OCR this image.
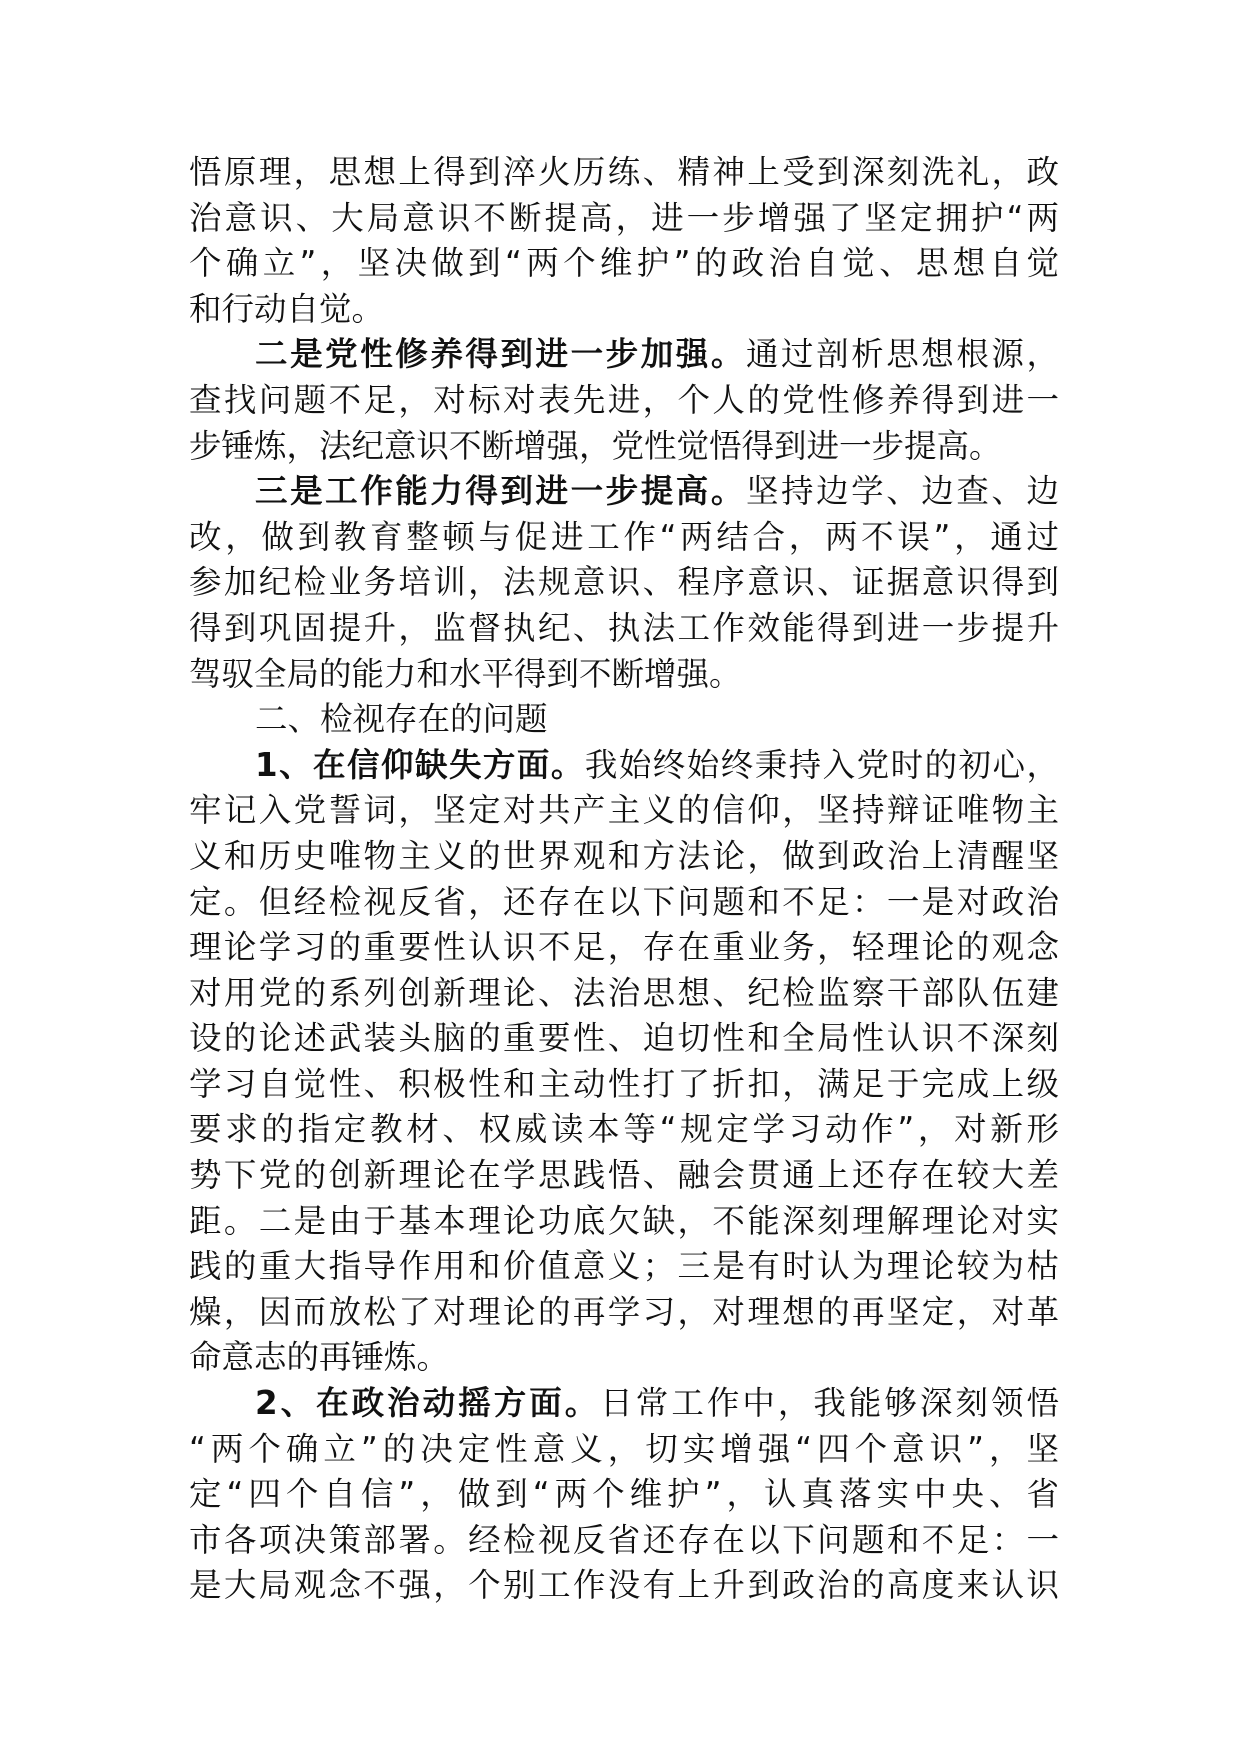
悟原理，思想上得到淬火历练、精神上受到深刻洗礼，政
治意识、大局意识不断提高，进一步增强了坚定拥护“两
个确立”，坚决做到“两个维护”的政治自觉、思想自觉
和行动自觉。
二是党性修养得到进一步加强。通过剖析思想根源，
查找问题不足，对标对表先进，个人的党性修养得到进一
步锤炼，法纪意识不断增强，党性觉悟得到进一步提高。
三是工作能力得到进一步提高。坚持边学、边查、边
改，做到教育整顿与促进工作“两结合，两不误”，通过
参加纪检业务培训，法规意识、程序意识、证据意识得到
得到巩固提升，监督执纪、执法工作效能得到进一步提升
驾驭全局的能力和水平得到不断增强。
二、检视存在的问题
1、在信仰缺失方面。我始终始终秉持入党时的初心，
牢记入党誓词，坚定对共产主义的信仰，坚持辩证唯物主
义和历史唯物主义的世界观和方法论，做到政治上清醒坚
定。但经检视反省，还存在以下问题和不足：一是对政治
理论学习的重要性认识不足，存在重业务，轻理论的观念
对用党的系列创新理论、法治思想、纪检监察干部队伍建
设的论述武装头脑的重要性、迫切性和全局性认识不深刻
学习自觉性、积极性和主动性打了折扣，满足于完成上级
要求的指定教材、权威读本等“规定学习动作”，对新形
势下党的创新理论在学思践悟、融会贯通上还存在较大差
距。二是由于基本理论功底欠缺，不能深刻理解理论对实
践的重大指导作用和价值意义；三是有时认为理论较为枯
燥，因而放松了对理论的再学习，对理想的再坚定，对革
命意志的再锤炼。
2、在政治动摇方面。日常工作中，我能够深刻领悟
“两个确立”的决定性意义，切实增强“四个意识”，坚
定“四个自信”，做到“两个维护”，认真落实中央、省
市各项决策部署。经检视反省还存在以下问题和不足：一
是大局观念不强，个别工作没有上升到政治的高度来认识
